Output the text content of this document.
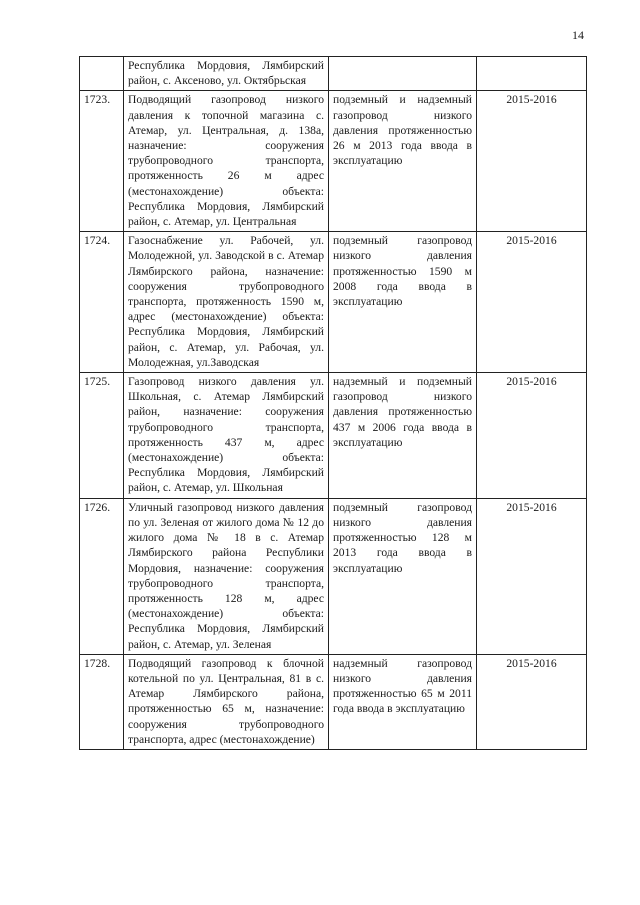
14
	Республика Мордовия, Лямбирский район, с. Аксеново, ул. Октябрьская		
1723.	Подводящий газопровод низкого давления к топочной магазина с. Атемар, ул. Центральная, д. 138а, назначение: сооружения трубопроводного транспорта, протяженность 26 м адрес (местонахождение) объекта: Республика Мордовия, Лямбирский район, с. Атемар, ул. Центральная	подземный и надземный газопровод низкого давления протяженностью 26 м 2013 года ввода в эксплуатацию	2015-2016
1724.	Газоснабжение ул. Рабочей, ул. Молодежной, ул. Заводской в с. Атемар Лямбирского района, назначение: сооружения трубопроводного транспорта, протяженность 1590 м, адрес (местонахождение) объекта: Республика Мордовия, Лямбирский район, с. Атемар, ул. Рабочая, ул. Молодежная, ул.Заводская	подземный газопровод низкого давления протяженностью 1590 м 2008 года ввода в эксплуатацию	2015-2016
1725.	Газопровод низкого давления ул. Школьная, с. Атемар Лямбирский район, назначение: сооружения трубопроводного транспорта, протяженность 437 м, адрес (местонахождение) объекта: Республика Мордовия, Лямбирский район, с. Атемар, ул. Школьная	надземный и подземный газопровод низкого давления протяженностью 437 м 2006 года ввода в эксплуатацию	2015-2016
1726.	Уличный газопровод низкого давления по ул. Зеленая от жилого дома № 12 до жилого дома № 18 в с. Атемар Лямбирского района Республики Мордовия, назначение: сооружения трубопроводного транспорта, протяженность 128 м, адрес (местонахождение) объекта: Республика Мордовия, Лямбирский район, с. Атемар, ул. Зеленая	подземный газопровод низкого давления протяженностью 128 м 2013 года ввода в эксплуатацию	2015-2016
1728.	Подводящий газопровод к блочной котельной по ул. Центральная, 81 в с. Атемар Лямбирского района, протяженностью 65 м, назначение: сооружения трубопроводного транспорта, адрес (местонахождение)	надземный газопровод низкого давления протяженностью 65 м 2011 года ввода в эксплуатацию	2015-2016
